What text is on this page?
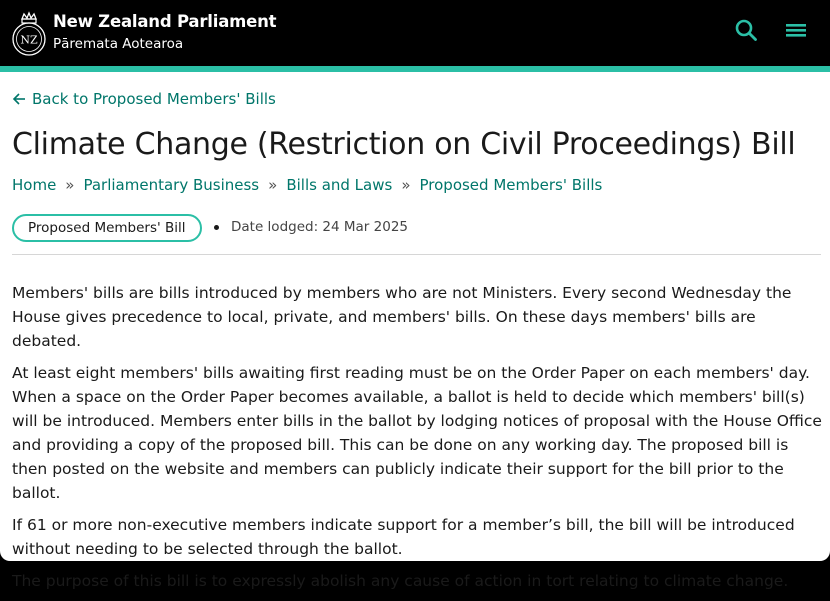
NZ
New Zealand Parliament
Pāremata Aotearoa
Back to Proposed Members' Bills
Climate Change (Restriction on Civil Proceedings) Bill
Home » Parliamentary Business » Bills and Laws » Proposed Members' Bills
Proposed Members' Bill	Date lodged: 24 Mar 2025

Members' bills are bills introduced by members who are not Ministers. Every second Wednesday the House gives precedence to local, private, and members' bills. On these days members' bills are debated.

At least eight members' bills awaiting first reading must be on the Order Paper on each members' day. When a space on the Order Paper becomes available, a ballot is held to decide which members' bill(s) will be introduced. Members enter bills in the ballot by lodging notices of proposal with the House Office and providing a copy of the proposed bill. This can be done on any working day. The proposed bill is then posted on the website and members can publicly indicate their support for the bill prior to the ballot.

If 61 or more non-executive members indicate support for a member’s bill, the bill will be introduced without needing to be selected through the ballot.

The purpose of this bill is to expressly abolish any cause of action in tort relating to climate change.
